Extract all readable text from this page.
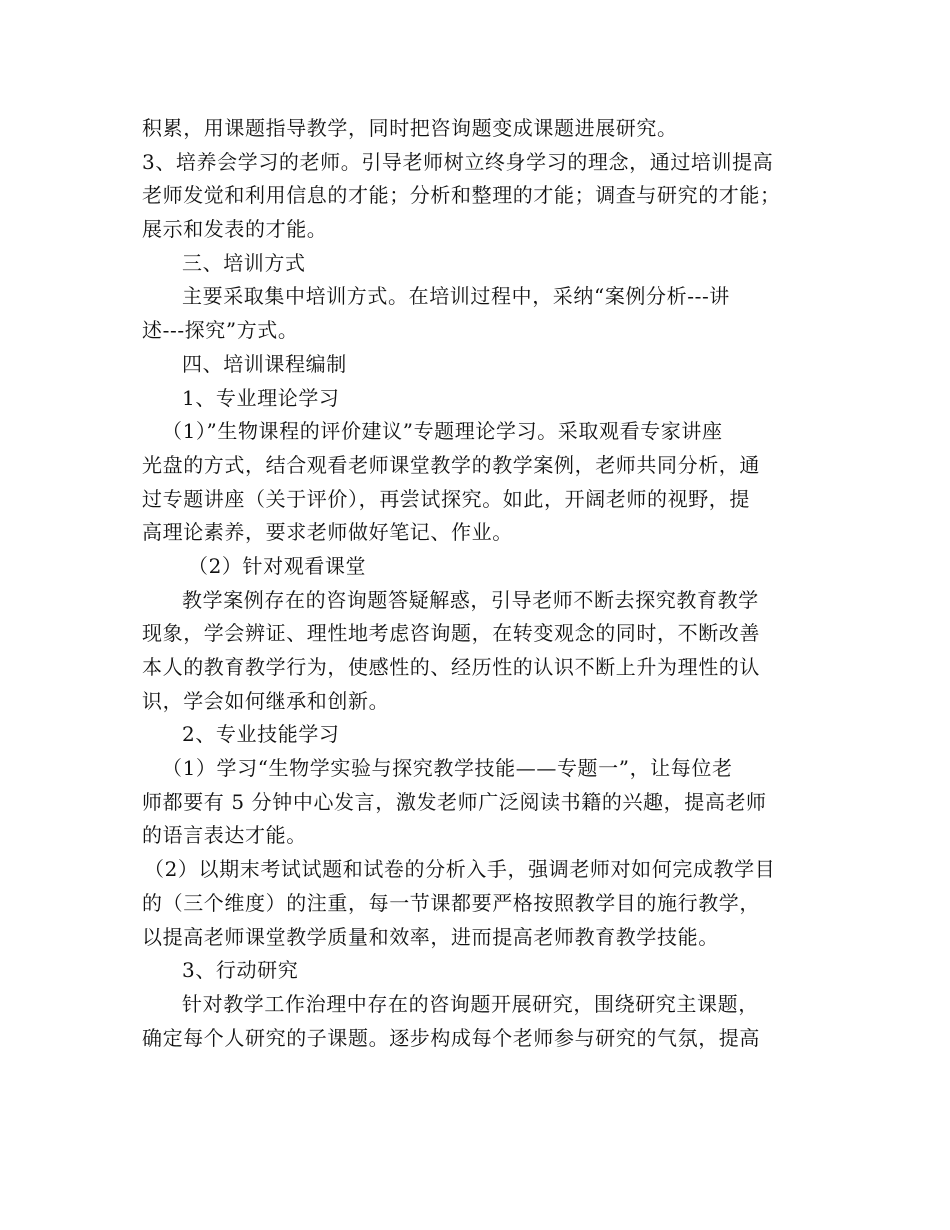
积累，用课题指导教学，同时把咨询题变成课题进展研究。
3、培养会学习的老师。引导老师树立终身学习的理念，通过培训提高
老师发觉和利用信息的才能；分析和整理的才能；调查与研究的才能；
展示和发表的才能。
三、培训方式
主要采取集中培训方式。在培训过程中，采纳“案例分析---讲
述---探究”方式。
四、培训课程编制
1、专业理论学习
（1）”生物课程的评价建议”专题理论学习。采取观看专家讲座
光盘的方式，结合观看老师课堂教学的教学案例，老师共同分析，通
过专题讲座（关于评价），再尝试探究。如此，开阔老师的视野，提
高理论素养，要求老师做好笔记、作业。
（2）针对观看课堂
教学案例存在的咨询题答疑解惑，引导老师不断去探究教育教学
现象，学会辨证、理性地考虑咨询题，在转变观念的同时，不断改善
本人的教育教学行为，使感性的、经历性的认识不断上升为理性的认
识，学会如何继承和创新。
2、专业技能学习
（1）学习“生物学实验与探究教学技能——专题一”，让每位老
师都要有 5 分钟中心发言，激发老师广泛阅读书籍的兴趣，提高老师
的语言表达才能。
（2）以期末考试试题和试卷的分析入手，强调老师对如何完成教学目
的（三个维度）的注重，每一节课都要严格按照教学目的施行教学，
以提高老师课堂教学质量和效率，进而提高老师教育教学技能。
3、行动研究
针对教学工作治理中存在的咨询题开展研究，围绕研究主课题，
确定每个人研究的子课题。逐步构成每个老师参与研究的气氛，提高
